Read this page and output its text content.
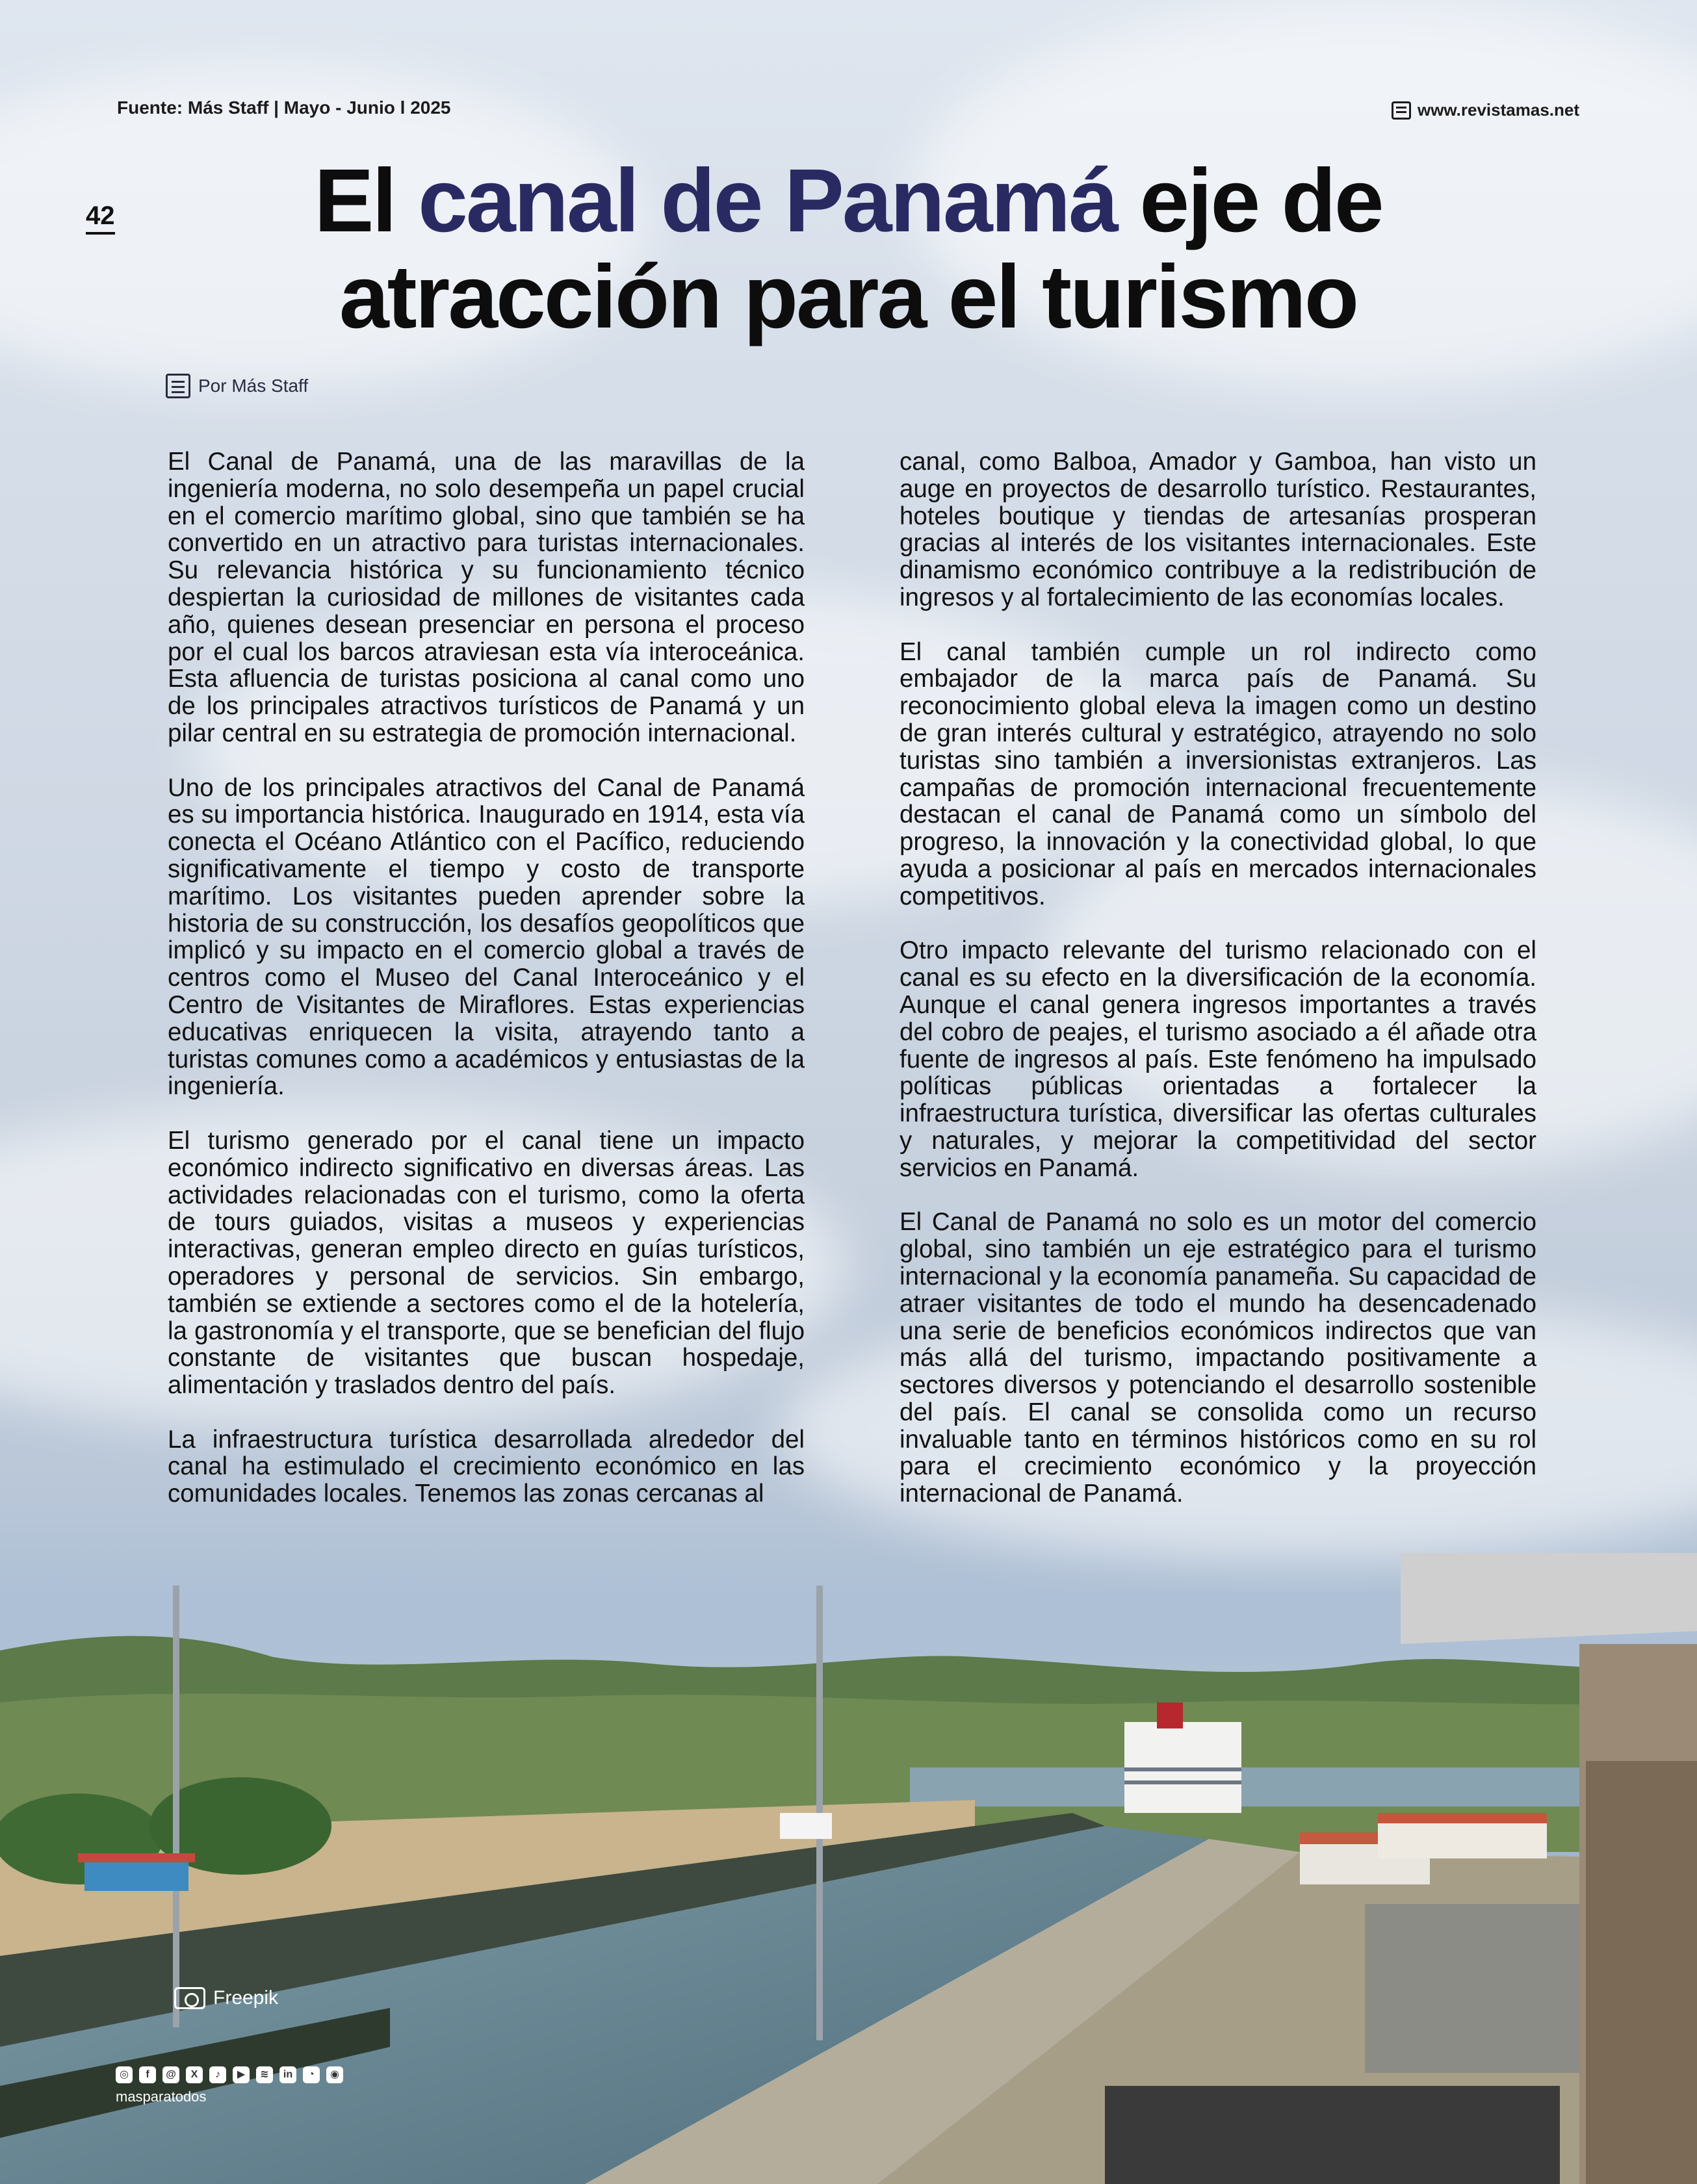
Fuente: Más Staff | Mayo - Junio l 2025	www.revistamas.net
42	El canal de Panamá eje de atracción para el turismo
Por Más Staff

El Canal de Panamá, una de las maravillas de la ingeniería moderna, no solo desempeña un papel crucial en el comercio marítimo global, sino que también se ha convertido en un atractivo para turistas internacionales. Su relevancia histórica y su funcionamiento técnico despiertan la curiosidad de millones de visitantes cada año, quienes desean presenciar en persona el proceso por el cual los barcos atraviesan esta vía interoceánica. Esta afluencia de turistas posiciona al canal como uno de los principales atractivos turísticos de Panamá y un pilar central en su estrategia de promoción internacional.

Uno de los principales atractivos del Canal de Panamá es su importancia histórica. Inaugurado en 1914, esta vía conecta el Océano Atlántico con el Pacífico, reduciendo significativamente el tiempo y costo de transporte marítimo. Los visitantes pueden aprender sobre la historia de su construcción, los desafíos geopolíticos que implicó y su impacto en el comercio global a través de centros como el Museo del Canal Interoceánico y el Centro de Visitantes de Miraflores. Estas experiencias educativas enriquecen la visita, atrayendo tanto a turistas comunes como a académicos y entusiastas de la ingeniería.

El turismo generado por el canal tiene un impacto económico indirecto significativo en diversas áreas. Las actividades relacionadas con el turismo, como la oferta de tours guiados, visitas a museos y experiencias interactivas, generan empleo directo en guías turísticos, operadores y personal de servicios. Sin embargo, también se extiende a sectores como el de la hotelería, la gastronomía y el transporte, que se benefician del flujo constante de visitantes que buscan hospedaje, alimentación y traslados dentro del país.

La infraestructura turística desarrollada alrededor del canal ha estimulado el crecimiento económico en las comunidades locales. Tenemos las zonas cercanas al

canal, como Balboa, Amador y Gamboa, han visto un auge en proyectos de desarrollo turístico. Restaurantes, hoteles boutique y tiendas de artesanías prosperan gracias al interés de los visitantes internacionales. Este dinamismo económico contribuye a la redistribución de ingresos y al fortalecimiento de las economías locales.

El canal también cumple un rol indirecto como embajador de la marca país de Panamá. Su reconocimiento global eleva la imagen como un destino de gran interés cultural y estratégico, atrayendo no solo turistas sino también a inversionistas extranjeros. Las campañas de promoción internacional frecuentemente destacan el canal de Panamá como un símbolo del progreso, la innovación y la conectividad global, lo que ayuda a posicionar al país en mercados internacionales competitivos.

Otro impacto relevante del turismo relacionado con el canal es su efecto en la diversificación de la economía. Aunque el canal genera ingresos importantes a través del cobro de peajes, el turismo asociado a él añade otra fuente de ingresos al país. Este fenómeno ha impulsado políticas públicas orientadas a fortalecer la infraestructura turística, diversificar las ofertas culturales y naturales, y mejorar la competitividad del sector servicios en Panamá.

El Canal de Panamá no solo es un motor del comercio global, sino también un eje estratégico para el turismo internacional y la economía panameña. Su capacidad de atraer visitantes de todo el mundo ha desencadenado una serie de beneficios económicos indirectos que van más allá del turismo, impactando positivamente a sectores diversos y potenciando el desarrollo sostenible del país. El canal se consolida como un recurso invaluable tanto en términos históricos como en su rol para el crecimiento económico y la proyección internacional de Panamá.

Freepik
◎	f	@	X	♪	▶	≋	in	◔	◉
masparatodos
